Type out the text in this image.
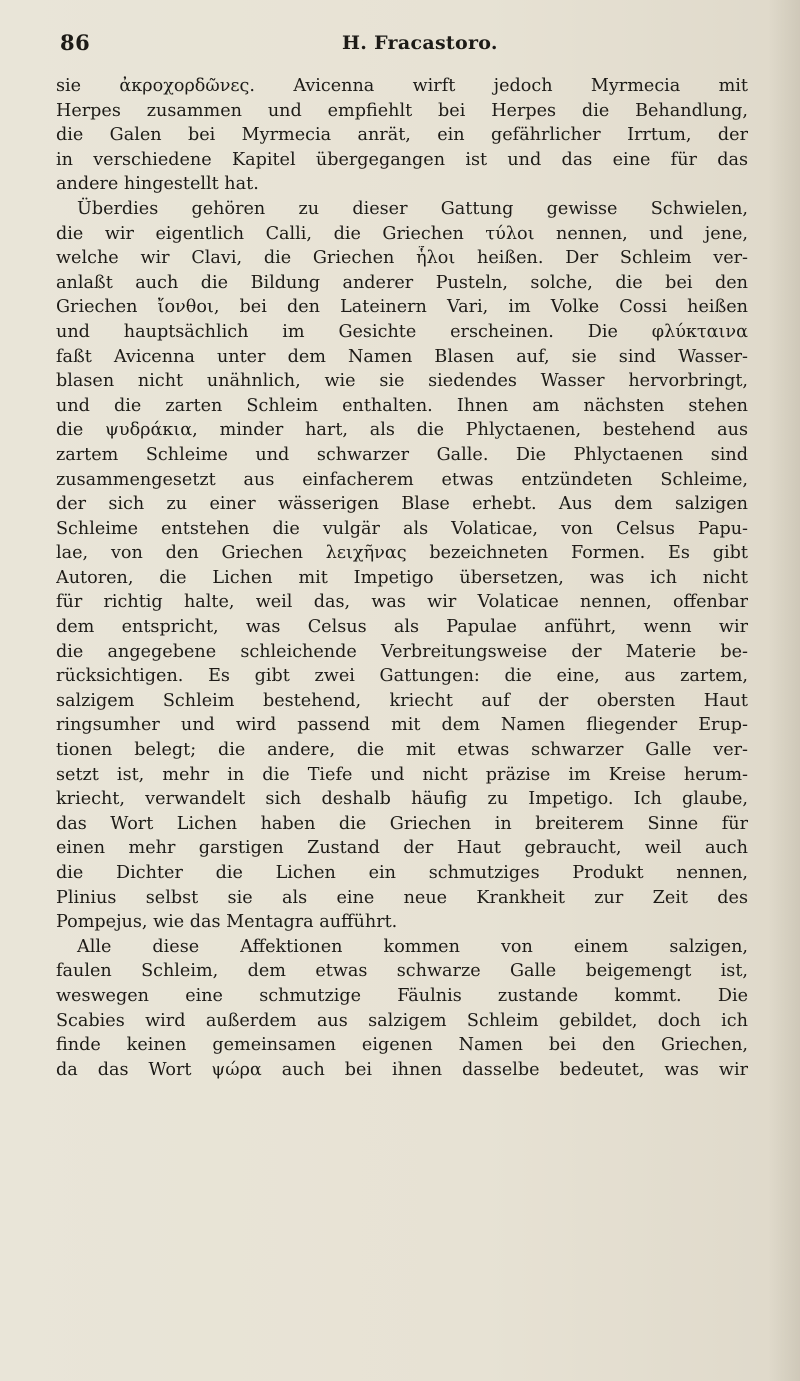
86	H. Fracastoro.
sie ἀκροχορδῶνες. Avicenna wirft jedoch Myrmecia mit
Herpes zusammen und empfiehlt bei Herpes die Behandlung,
die Galen bei Myrmecia anrät, ein gefährlicher Irrtum, der
in verschiedene Kapitel übergegangen ist und das eine für das
andere hingestellt hat.
Überdies gehören zu dieser Gattung gewisse Schwielen,
die wir eigentlich Calli, die Griechen τύλοι nennen, und jene,
welche wir Clavi, die Griechen ἧλοι heißen. Der Schleim ver-
anlaßt auch die Bildung anderer Pusteln, solche, die bei den
Griechen ἴονθοι, bei den Lateinern Vari, im Volke Cossi heißen
und hauptsächlich im Gesichte erscheinen. Die φλύκταινα
faßt Avicenna unter dem Namen Blasen auf, sie sind Wasser-
blasen nicht unähnlich, wie sie siedendes Wasser hervorbringt,
und die zarten Schleim enthalten. Ihnen am nächsten stehen
die ψυδράκια, minder hart, als die Phlyctaenen, bestehend aus
zartem Schleime und schwarzer Galle. Die Phlyctaenen sind
zusammengesetzt aus einfacherem etwas entzündeten Schleime,
der sich zu einer wässerigen Blase erhebt. Aus dem salzigen
Schleime entstehen die vulgär als Volaticae, von Celsus Papu-
lae, von den Griechen λειχῆνας bezeichneten Formen. Es gibt
Autoren, die Lichen mit Impetigo übersetzen, was ich nicht
für richtig halte, weil das, was wir Volaticae nennen, offenbar
dem entspricht, was Celsus als Papulae anführt, wenn wir
die angegebene schleichende Verbreitungsweise der Materie be-
rücksichtigen. Es gibt zwei Gattungen: die eine, aus zartem,
salzigem Schleim bestehend, kriecht auf der obersten Haut
ringsumher und wird passend mit dem Namen fliegender Erup-
tionen belegt; die andere, die mit etwas schwarzer Galle ver-
setzt ist, mehr in die Tiefe und nicht präzise im Kreise herum-
kriecht, verwandelt sich deshalb häufig zu Impetigo. Ich glaube,
das Wort Lichen haben die Griechen in breiterem Sinne für
einen mehr garstigen Zustand der Haut gebraucht, weil auch
die Dichter die Lichen ein schmutziges Produkt nennen,
Plinius selbst sie als eine neue Krankheit zur Zeit des
Pompejus, wie das Mentagra aufführt.
Alle diese Affektionen kommen von einem salzigen,
faulen Schleim, dem etwas schwarze Galle beigemengt ist,
weswegen eine schmutzige Fäulnis zustande kommt. Die
Scabies wird außerdem aus salzigem Schleim gebildet, doch ich
finde keinen gemeinsamen eigenen Namen bei den Griechen,
da das Wort ψώρα auch bei ihnen dasselbe bedeutet, was wir
